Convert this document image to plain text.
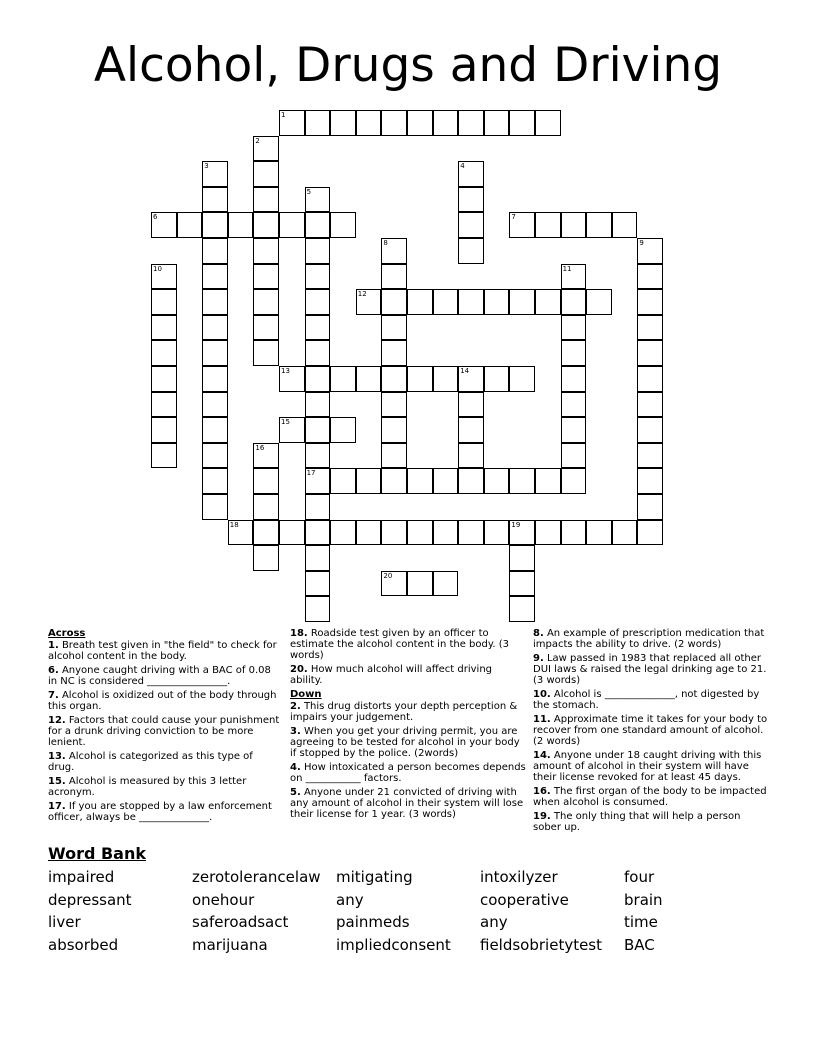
Alcohol, Drugs and Driving
1
2
3	4
5
17
6	7
8	9
10	11
12
13	14
15
16
18	19
20
Across
1. Breath test given in "the field" to check for alcohol content in the body.
6. Anyone caught driving with a BAC of 0.08 in NC is considered ________________.
7. Alcohol is oxidized out of the body through this organ.
12. Factors that could cause your punishment for a drunk driving conviction to be more lenient.
13. Alcohol is categorized as this type of drug.
15. Alcohol is measured by this 3 letter acronym.
17. If you are stopped by a law enforcement officer, always be ______________.
18. Roadside test given by an officer to estimate the alcohol content in the body. (3 words)
20. How much alcohol will affect driving ability.
Down
2. This drug distorts your depth perception & impairs your judgement.
3. When you get your driving permit, you are agreeing to be tested for alcohol in your body if stopped by the police. (2words)
4. How intoxicated a person becomes depends on ___________ factors.
5. Anyone under 21 convicted of driving with any amount of alcohol in their system will lose their license for 1 year. (3 words)
8. An example of prescription medication that impacts the ability to drive. (2 words)
9. Law passed in 1983 that replaced all other DUI laws & raised the legal drinking age to 21. (3 words)
10. Alcohol is ______________, not digested by the stomach.
11. Approximate time it takes for your body to recover from one standard amount of alcohol. (2 words)
14. Anyone under 18 caught driving with this amount of alcohol in their system will have their license revoked for at least 45 days.
16. The first organ of the body to be impacted when alcohol is consumed.
19. The only thing that will help a person sober up.
Word Bank
impaired	zerotolerancelaw	mitigating	intoxilyzer	four
depressant	onehour	any	cooperative	brain
liver	saferoadsact	painmeds	any	time
absorbed	marijuana	impliedconsent	fieldsobrietytest	BAC
